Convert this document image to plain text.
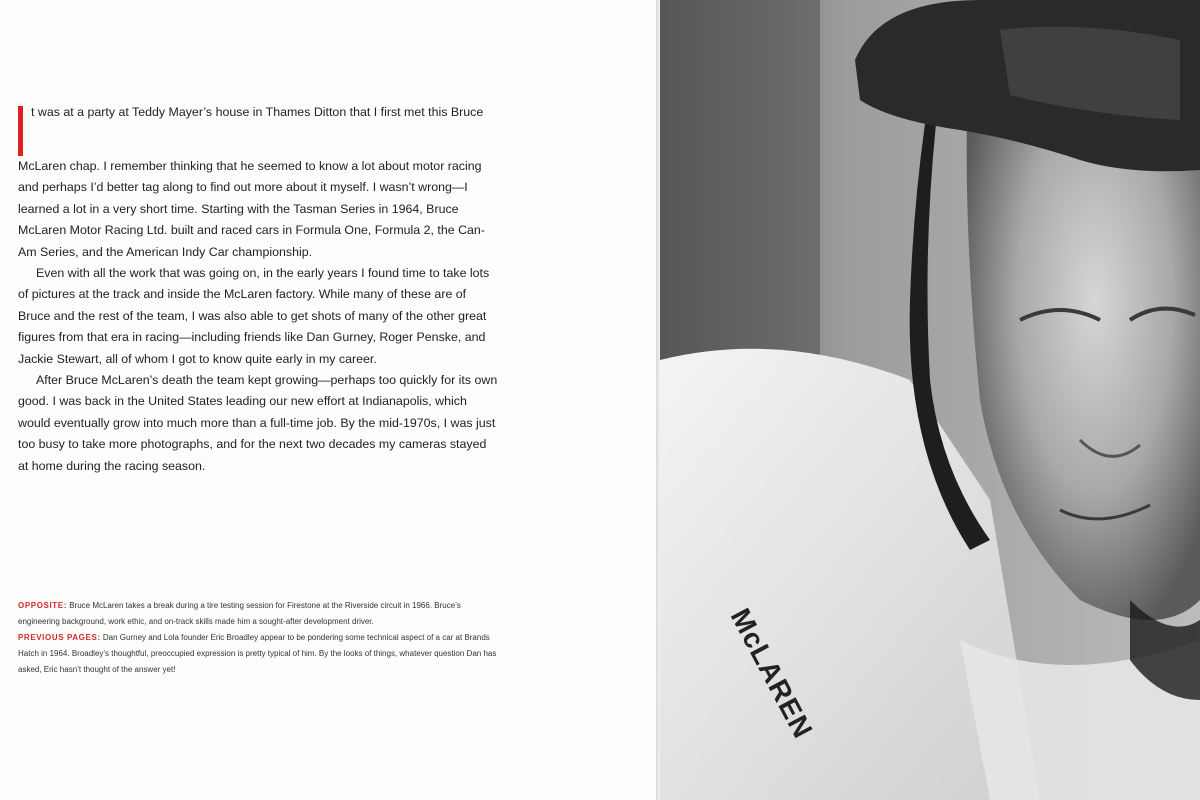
t was at a party at Teddy Mayer’s house in Thames Ditton that I first met this Bruce McLaren chap. I remember thinking that he seemed to know a lot about motor racing and perhaps I’d better tag along to find out more about it myself. I wasn’t wrong—I learned a lot in a very short time. Starting with the Tasman Series in 1964, Bruce McLaren Motor Racing Ltd. built and raced cars in Formula One, Formula 2, the Can-Am Series, and the American Indy Car championship.

Even with all the work that was going on, in the early years I found time to take lots of pictures at the track and inside the McLaren factory. While many of these are of Bruce and the rest of the team, I was also able to get shots of many of the other great figures from that era in racing—including friends like Dan Gurney, Roger Penske, and Jackie Stewart, all of whom I got to know quite early in my career.

After Bruce McLaren’s death the team kept growing—perhaps too quickly for its own good. I was back in the United States leading our new effort at Indianapolis, which would eventually grow into much more than a full-time job. By the mid-1970s, I was just too busy to take more photographs, and for the next two decades my cameras stayed at home during the racing season.

OPPOSITE: Bruce McLaren takes a break during a tire testing session for Firestone at the Riverside circuit in 1966. Bruce’s engineering background, work ethic, and on-track skills made him a sought-after development driver.

PREVIOUS PAGES: Dan Gurney and Lola founder Eric Broadley appear to be pondering some technical aspect of a car at Brands Hatch in 1964. Broadley’s thoughtful, preoccupied expression is pretty typical of him. By the looks of things, whatever question Dan has asked, Eric hasn’t thought of the answer yet!	McLAREN
